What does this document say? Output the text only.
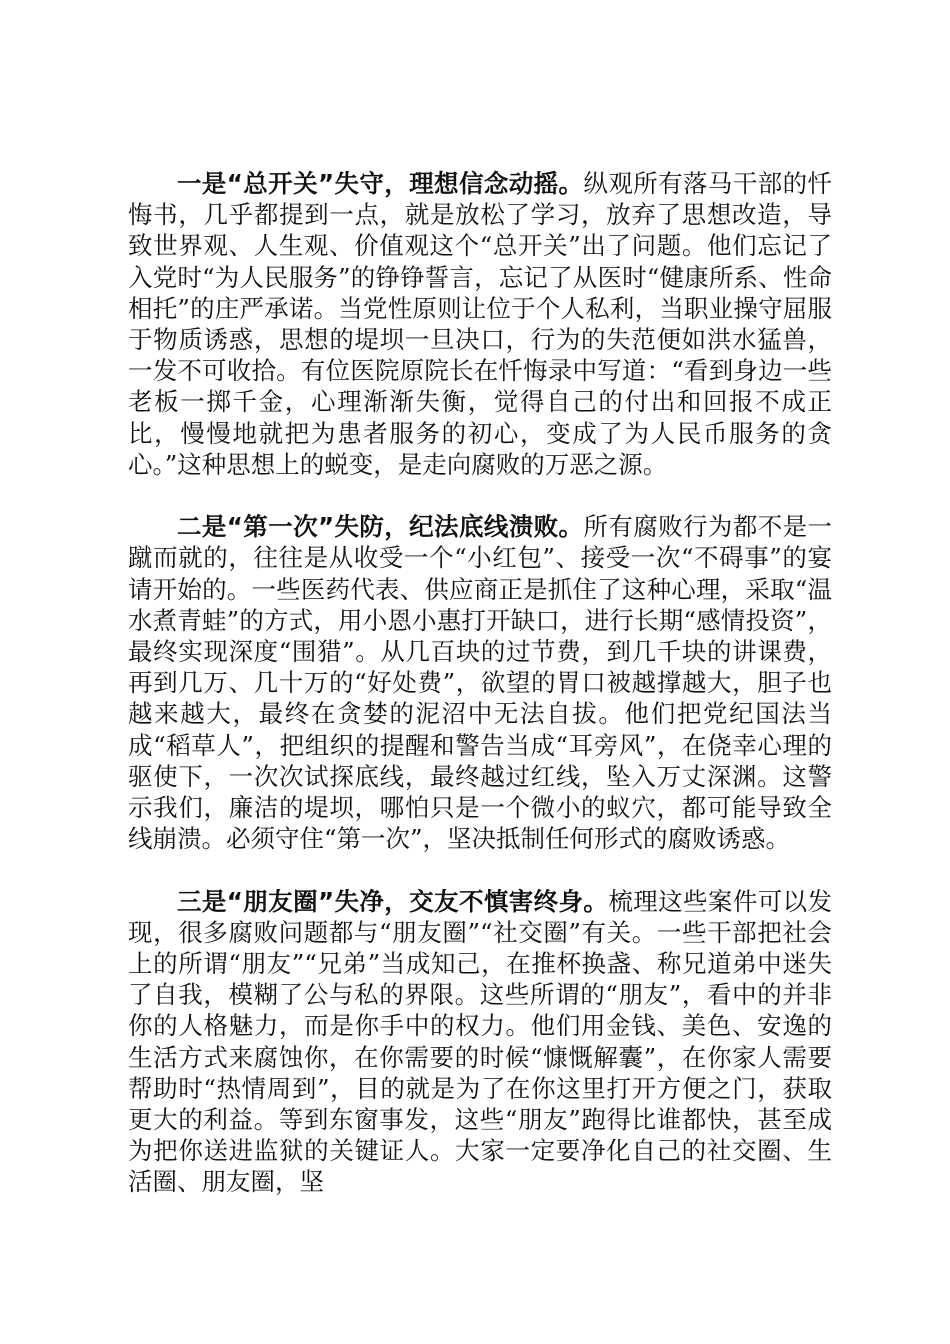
一是“总开关”失守，理想信念动摇。纵观所有落马干部的忏悔书，几乎都提到一点，就是放松了学习，放弃了思想改造，导致世界观、人生观、价值观这个“总开关”出了问题。他们忘记了入党时“为人民服务”的铮铮誓言，忘记了从医时“健康所系、性命相托”的庄严承诺。当党性原则让位于个人私利，当职业操守屈服于物质诱惑，思想的堤坝一旦决口，行为的失范便如洪水猛兽，一发不可收拾。有位医院原院长在忏悔录中写道：“看到身边一些老板一掷千金，心理渐渐失衡，觉得自己的付出和回报不成正比，慢慢地就把为患者服务的初心，变成了为人民币服务的贪心。”这种思想上的蜕变，是走向腐败的万恶之源。

二是“第一次”失防，纪法底线溃败。所有腐败行为都不是一蹴而就的，往往是从收受一个“小红包”、接受一次“不碍事”的宴请开始的。一些医药代表、供应商正是抓住了这种心理，采取“温水煮青蛙”的方式，用小恩小惠打开缺口，进行长期“感情投资”，最终实现深度“围猎”。从几百块的过节费，到几千块的讲课费，再到几万、几十万的“好处费”，欲望的胃口被越撑越大，胆子也越来越大，最终在贪婪的泥沼中无法自拔。他们把党纪国法当成“稻草人”，把组织的提醒和警告当成“耳旁风”，在侥幸心理的驱使下，一次次试探底线，最终越过红线，坠入万丈深渊。这警示我们，廉洁的堤坝，哪怕只是一个微小的蚁穴，都可能导致全线崩溃。必须守住“第一次”，坚决抵制任何形式的腐败诱惑。

三是“朋友圈”失净，交友不慎害终身。梳理这些案件可以发现，很多腐败问题都与“朋友圈”“社交圈”有关。一些干部把社会上的所谓“朋友”“兄弟”当成知己，在推杯换盏、称兄道弟中迷失了自我，模糊了公与私的界限。这些所谓的“朋友”，看中的并非你的人格魅力，而是你手中的权力。他们用金钱、美色、安逸的生活方式来腐蚀你，在你需要的时候“慷慨解囊”，在你家人需要帮助时“热情周到”，目的就是为了在你这里打开方便之门，获取更大的利益。等到东窗事发，这些“朋友”跑得比谁都快，甚至成为把你送进监狱的关键证人。大家一定要净化自己的社交圈、生活圈、朋友圈，坚
